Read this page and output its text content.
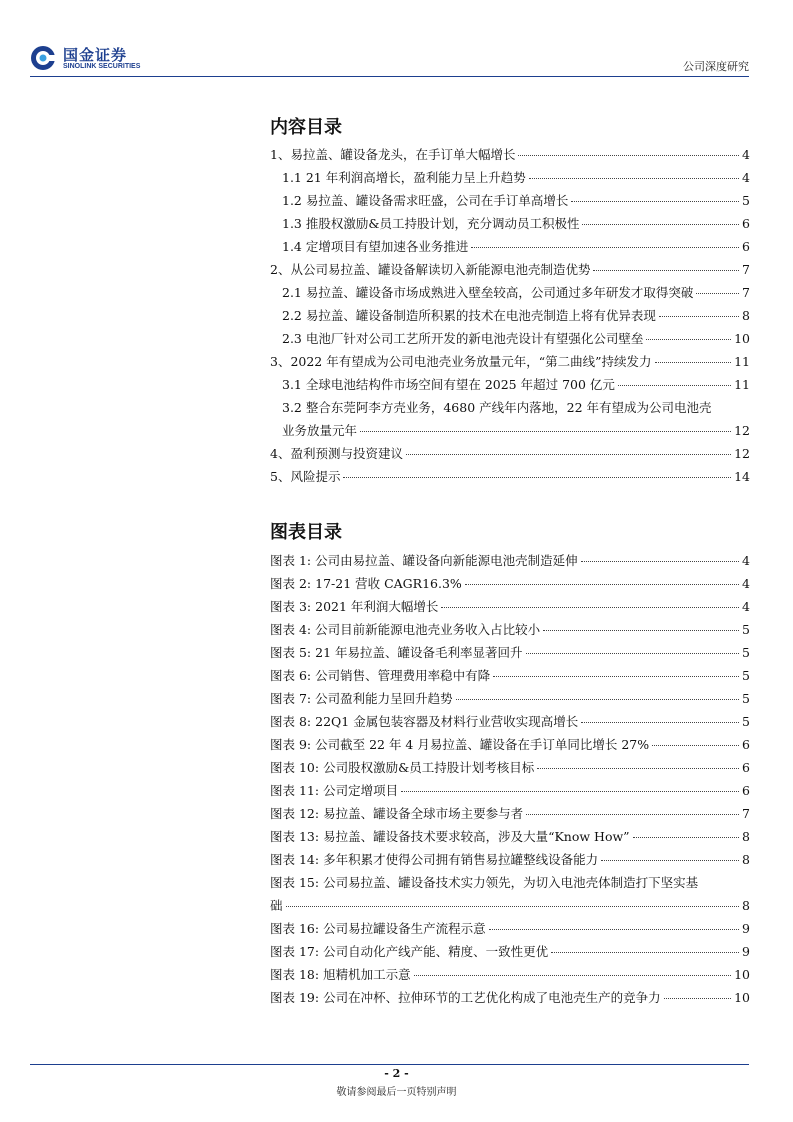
国金证券
SINOLINK SECURITIES	公司深度研究
内容目录
1、易拉盖、罐设备龙头，在手订单大幅增长	4
1.1 21 年利润高增长，盈利能力呈上升趋势	4
1.2 易拉盖、罐设备需求旺盛，公司在手订单高增长	5
1.3 推股权激励&员工持股计划，充分调动员工积极性	6
1.4 定增项目有望加速各业务推进	6
2、从公司易拉盖、罐设备解读切入新能源电池壳制造优势	7
2.1 易拉盖、罐设备市场成熟进入壁垒较高，公司通过多年研发才取得突破	7
2.2 易拉盖、罐设备制造所积累的技术在电池壳制造上将有优异表现	8
2.3 电池厂针对公司工艺所开发的新电池壳设计有望强化公司壁垒	10
3、2022 年有望成为公司电池壳业务放量元年，“第二曲线”持续发力	11
3.1 全球电池结构件市场空间有望在 2025 年超过 700 亿元	11
3.2 整合东莞阿李方壳业务，4680 产线年内落地，22 年有望成为公司电池壳
业务放量元年	12
4、盈利预测与投资建议	12
5、风险提示	14
图表目录
图表 1: 公司由易拉盖、罐设备向新能源电池壳制造延伸	4
图表 2: 17-21 营收 CAGR16.3%	4
图表 3: 2021 年利润大幅增长	4
图表 4: 公司目前新能源电池壳业务收入占比较小	5
图表 5: 21 年易拉盖、罐设备毛利率显著回升	5
图表 6: 公司销售、管理费用率稳中有降	5
图表 7: 公司盈利能力呈回升趋势	5
图表 8: 22Q1 金属包装容器及材料行业营收实现高增长	5
图表 9: 公司截至 22 年 4 月易拉盖、罐设备在手订单同比增长 27%	6
图表 10: 公司股权激励&员工持股计划考核目标	6
图表 11: 公司定增项目	6
图表 12: 易拉盖、罐设备全球市场主要参与者	7
图表 13: 易拉盖、罐设备技术要求较高，涉及大量“Know How”	8
图表 14: 多年积累才使得公司拥有销售易拉罐整线设备能力	8
图表 15: 公司易拉盖、罐设备技术实力领先，为切入电池壳体制造打下坚实基
础	8
图表 16: 公司易拉罐设备生产流程示意	9
图表 17: 公司自动化产线产能、精度、一致性更优	9
图表 18: 旭精机加工示意	10
图表 19: 公司在冲杯、拉伸环节的工艺优化构成了电池壳生产的竞争力	10
- 2 -
敬请参阅最后一页特别声明
